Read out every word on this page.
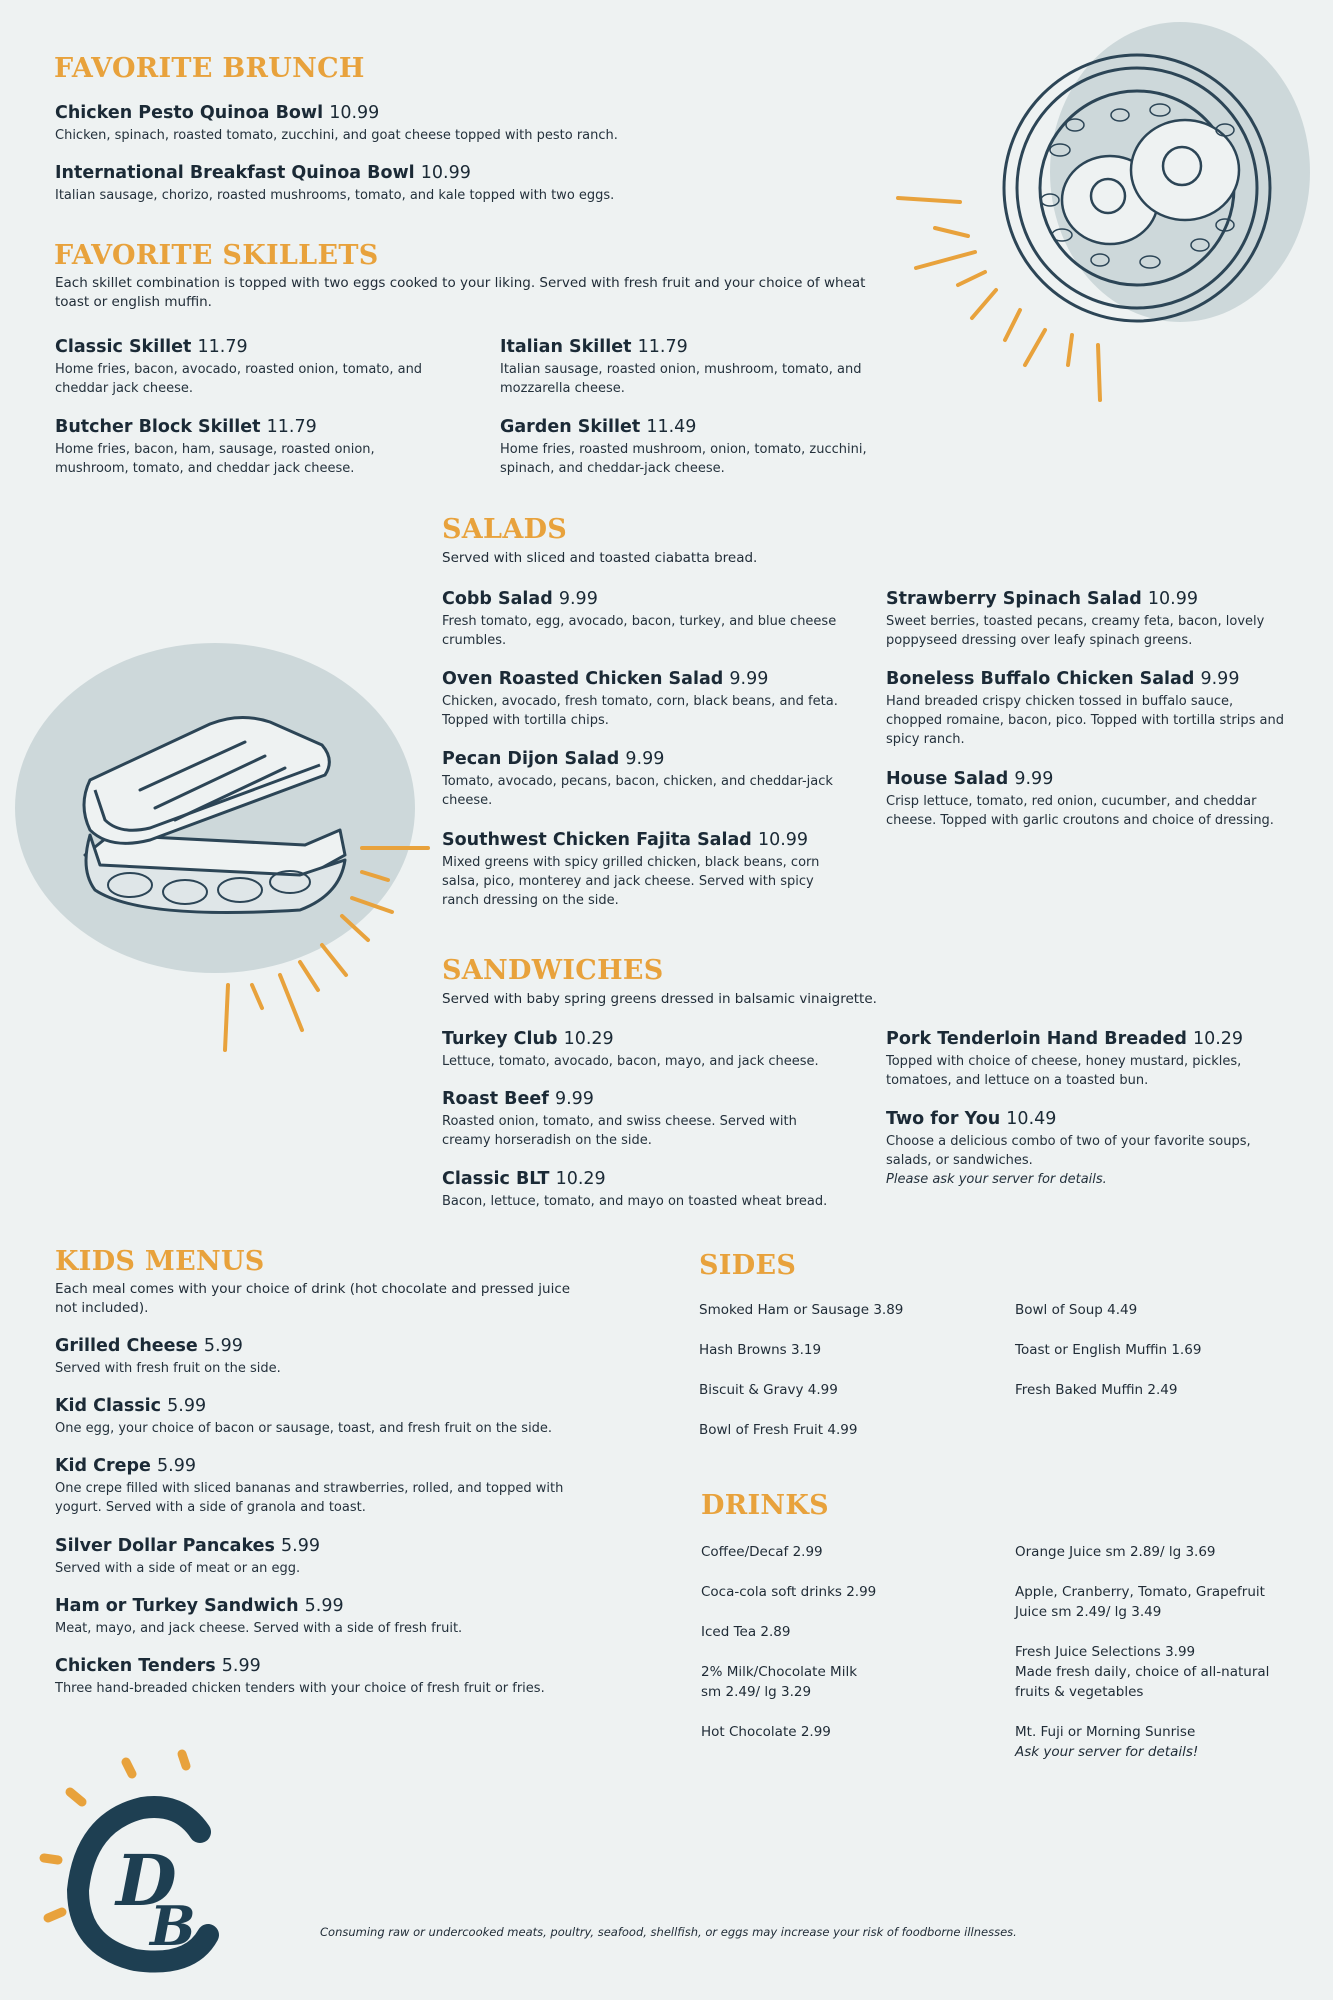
FAVORITE BRUNCH
Chicken Pesto Quinoa Bowl 10.99
Chicken, spinach, roasted tomato, zucchini, and goat cheese topped with pesto ranch.
International Breakfast Quinoa Bowl 10.99
Italian sausage, chorizo, roasted mushrooms, tomato, and kale topped with two eggs.
FAVORITE SKILLETS
Each skillet combination is topped with two eggs cooked to your liking. Served with fresh fruit and your choice of wheat toast or english muffin.
Classic Skillet 11.79
Home fries, bacon, avocado, roasted onion, tomato, and cheddar jack cheese.
Italian Skillet 11.79
Italian sausage, roasted onion, mushroom, tomato, and mozzarella cheese.
Butcher Block Skillet 11.79
Home fries, bacon, ham, sausage, roasted onion, mushroom, tomato, and cheddar jack cheese.
Garden Skillet 11.49
Home fries, roasted mushroom, onion, tomato, zucchini, spinach, and cheddar-jack cheese.
SALADS
Served with sliced and toasted ciabatta bread.
Cobb Salad 9.99
Fresh tomato, egg, avocado, bacon, turkey, and blue cheese crumbles.
Oven Roasted Chicken Salad 9.99
Chicken, avocado, fresh tomato, corn, black beans, and feta. Topped with tortilla chips.
Pecan Dijon Salad 9.99
Tomato, avocado, pecans, bacon, chicken, and cheddar-jack cheese.
Southwest Chicken Fajita Salad 10.99
Mixed greens with spicy grilled chicken, black beans, corn salsa, pico, monterey and jack cheese. Served with spicy ranch dressing on the side.
Strawberry Spinach Salad 10.99
Sweet berries, toasted pecans, creamy feta, bacon, lovely poppyseed dressing over leafy spinach greens.
Boneless Buffalo Chicken Salad 9.99
Hand breaded crispy chicken tossed in buffalo sauce, chopped romaine, bacon, pico. Topped with tortilla strips and spicy ranch.
House Salad 9.99
Crisp lettuce, tomato, red onion, cucumber, and cheddar cheese. Topped with garlic croutons and choice of dressing.
SANDWICHES
Served with baby spring greens dressed in balsamic vinaigrette.
Turkey Club 10.29
Lettuce, tomato, avocado, bacon, mayo, and jack cheese.
Roast Beef 9.99
Roasted onion, tomato, and swiss cheese. Served with creamy horseradish on the side.
Classic BLT 10.29
Bacon, lettuce, tomato, and mayo on toasted wheat bread.
Pork Tenderloin Hand Breaded 10.29
Topped with choice of cheese, honey mustard, pickles, tomatoes, and lettuce on a toasted bun.
Two for You 10.49
Choose a delicious combo of two of your favorite soups, salads, or sandwiches.
Please ask your server for details.
KIDS MENUS
Each meal comes with your choice of drink (hot chocolate and pressed juice not included).
Grilled Cheese 5.99
Served with fresh fruit on the side.
Kid Classic 5.99
One egg, your choice of bacon or sausage, toast, and fresh fruit on the side.
Kid Crepe 5.99
One crepe filled with sliced bananas and strawberries, rolled, and topped with yogurt. Served with a side of granola and toast.
Silver Dollar Pancakes 5.99
Served with a side of meat or an egg.
Ham or Turkey Sandwich 5.99
Meat, mayo, and jack cheese. Served with a side of fresh fruit.
Chicken Tenders 5.99
Three hand-breaded chicken tenders with your choice of fresh fruit or fries.
SIDES
Smoked Ham or Sausage 3.89
Hash Browns 3.19
Biscuit & Gravy 4.99
Bowl of Fresh Fruit 4.99
Bowl of Soup 4.49
Toast or English Muffin 1.69
Fresh Baked Muffin 2.49
DRINKS
Coffee/Decaf 2.99
Coca-cola soft drinks 2.99
Iced Tea 2.89
2% Milk/Chocolate Milk sm 2.49/ lg 3.29
Hot Chocolate 2.99
Orange Juice sm 2.89/ lg 3.69
Apple, Cranberry, Tomato, Grapefruit Juice sm 2.49/ lg 3.49
Fresh Juice Selections 3.99
Made fresh daily, choice of all-natural fruits & vegetables
Mt. Fuji or Morning Sunrise
Ask your server for details!
D
B	Consuming raw or undercooked meats, poultry, seafood, shellfish, or eggs may increase your risk of foodborne illnesses.
